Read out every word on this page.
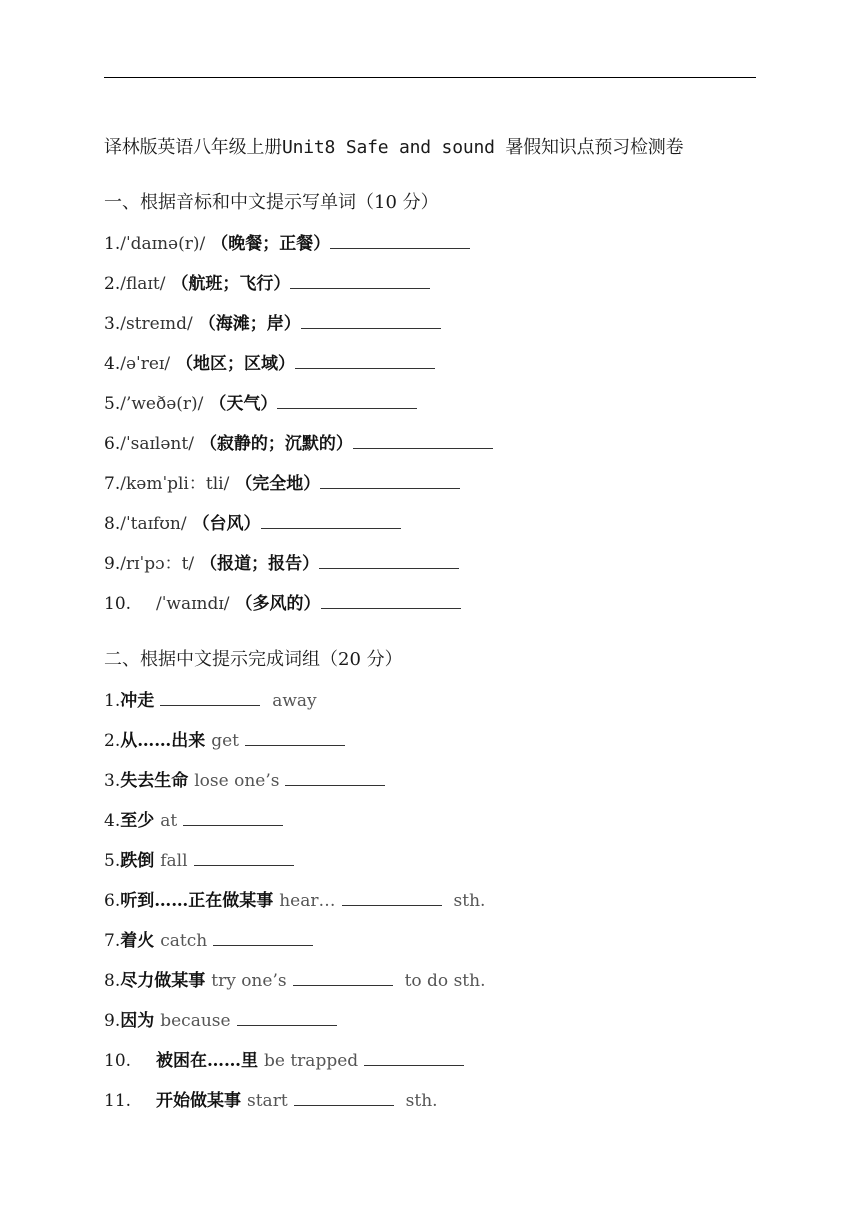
译林版英语八年级上册Unit8 Safe and sound 暑假知识点预习检测卷
一、根据音标和中文提示写单词（10 分）
1. /ˈdaɪnə(r)/ （晚餐；正餐）
2. /flaɪt/ （航班；飞行）
3. /streɪnd/ （海滩；岸）
4. /əˈreɪ/ （地区；区域）
5. /’weðə(r)/ （天气）
6. /ˈsaɪlənt/ （寂静的；沉默的）
7. /kəmˈpli：tli/ （完全地）
8. /ˈtaɪfʊn/ （台风）
9. /rɪˈpɔ：t/ （报道；报告）
10.	/ˈwaɪndɪ/ （多风的）
二、根据中文提示完成词组（20 分）
1. 冲走	away
2. 从……出来 get
3. 失去生命 lose one’s
4. 至少 at
5. 跌倒 fall
6. 听到……正在做某事 hear…	sth.
7. 着火 catch
8. 尽力做某事 try one’s	to do sth.
9. 因为 because
10.	被困在……里 be trapped
11.	开始做某事 start	sth.
